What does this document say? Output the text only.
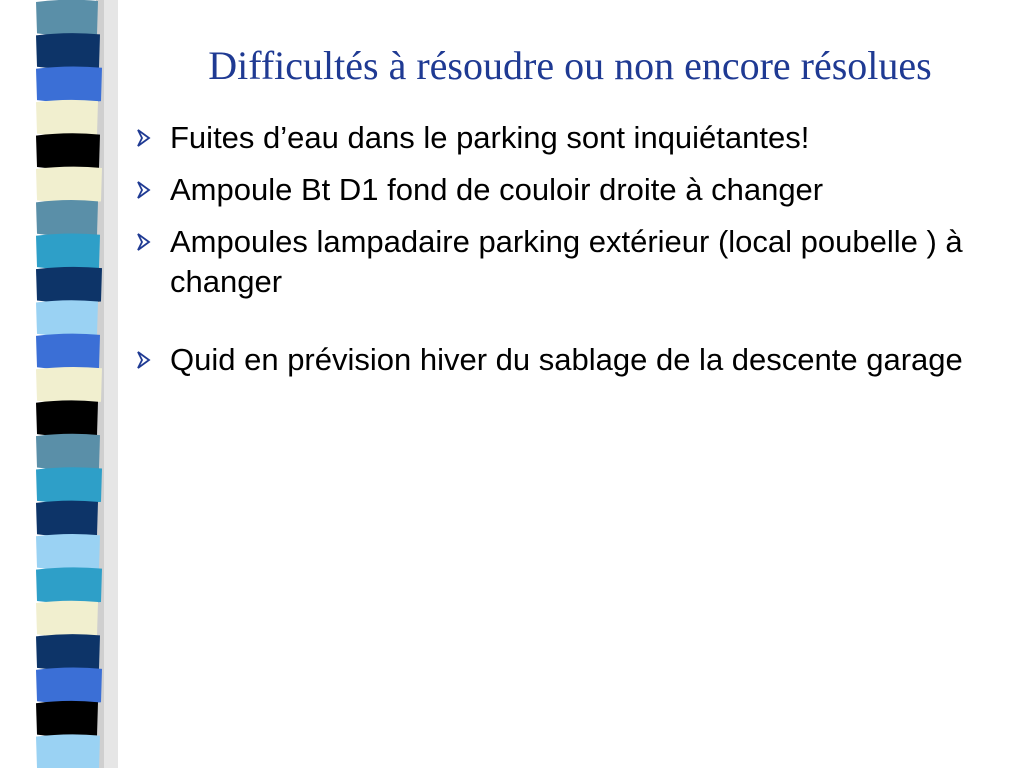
Difficultés à résoudre ou non encore résolues
Fuites d’eau dans le parking sont inquiétantes!
Ampoule Bt D1 fond de couloir droite à changer
Ampoules lampadaire parking extérieur (local poubelle ) à changer
Quid en prévision hiver du sablage de la descente garage
